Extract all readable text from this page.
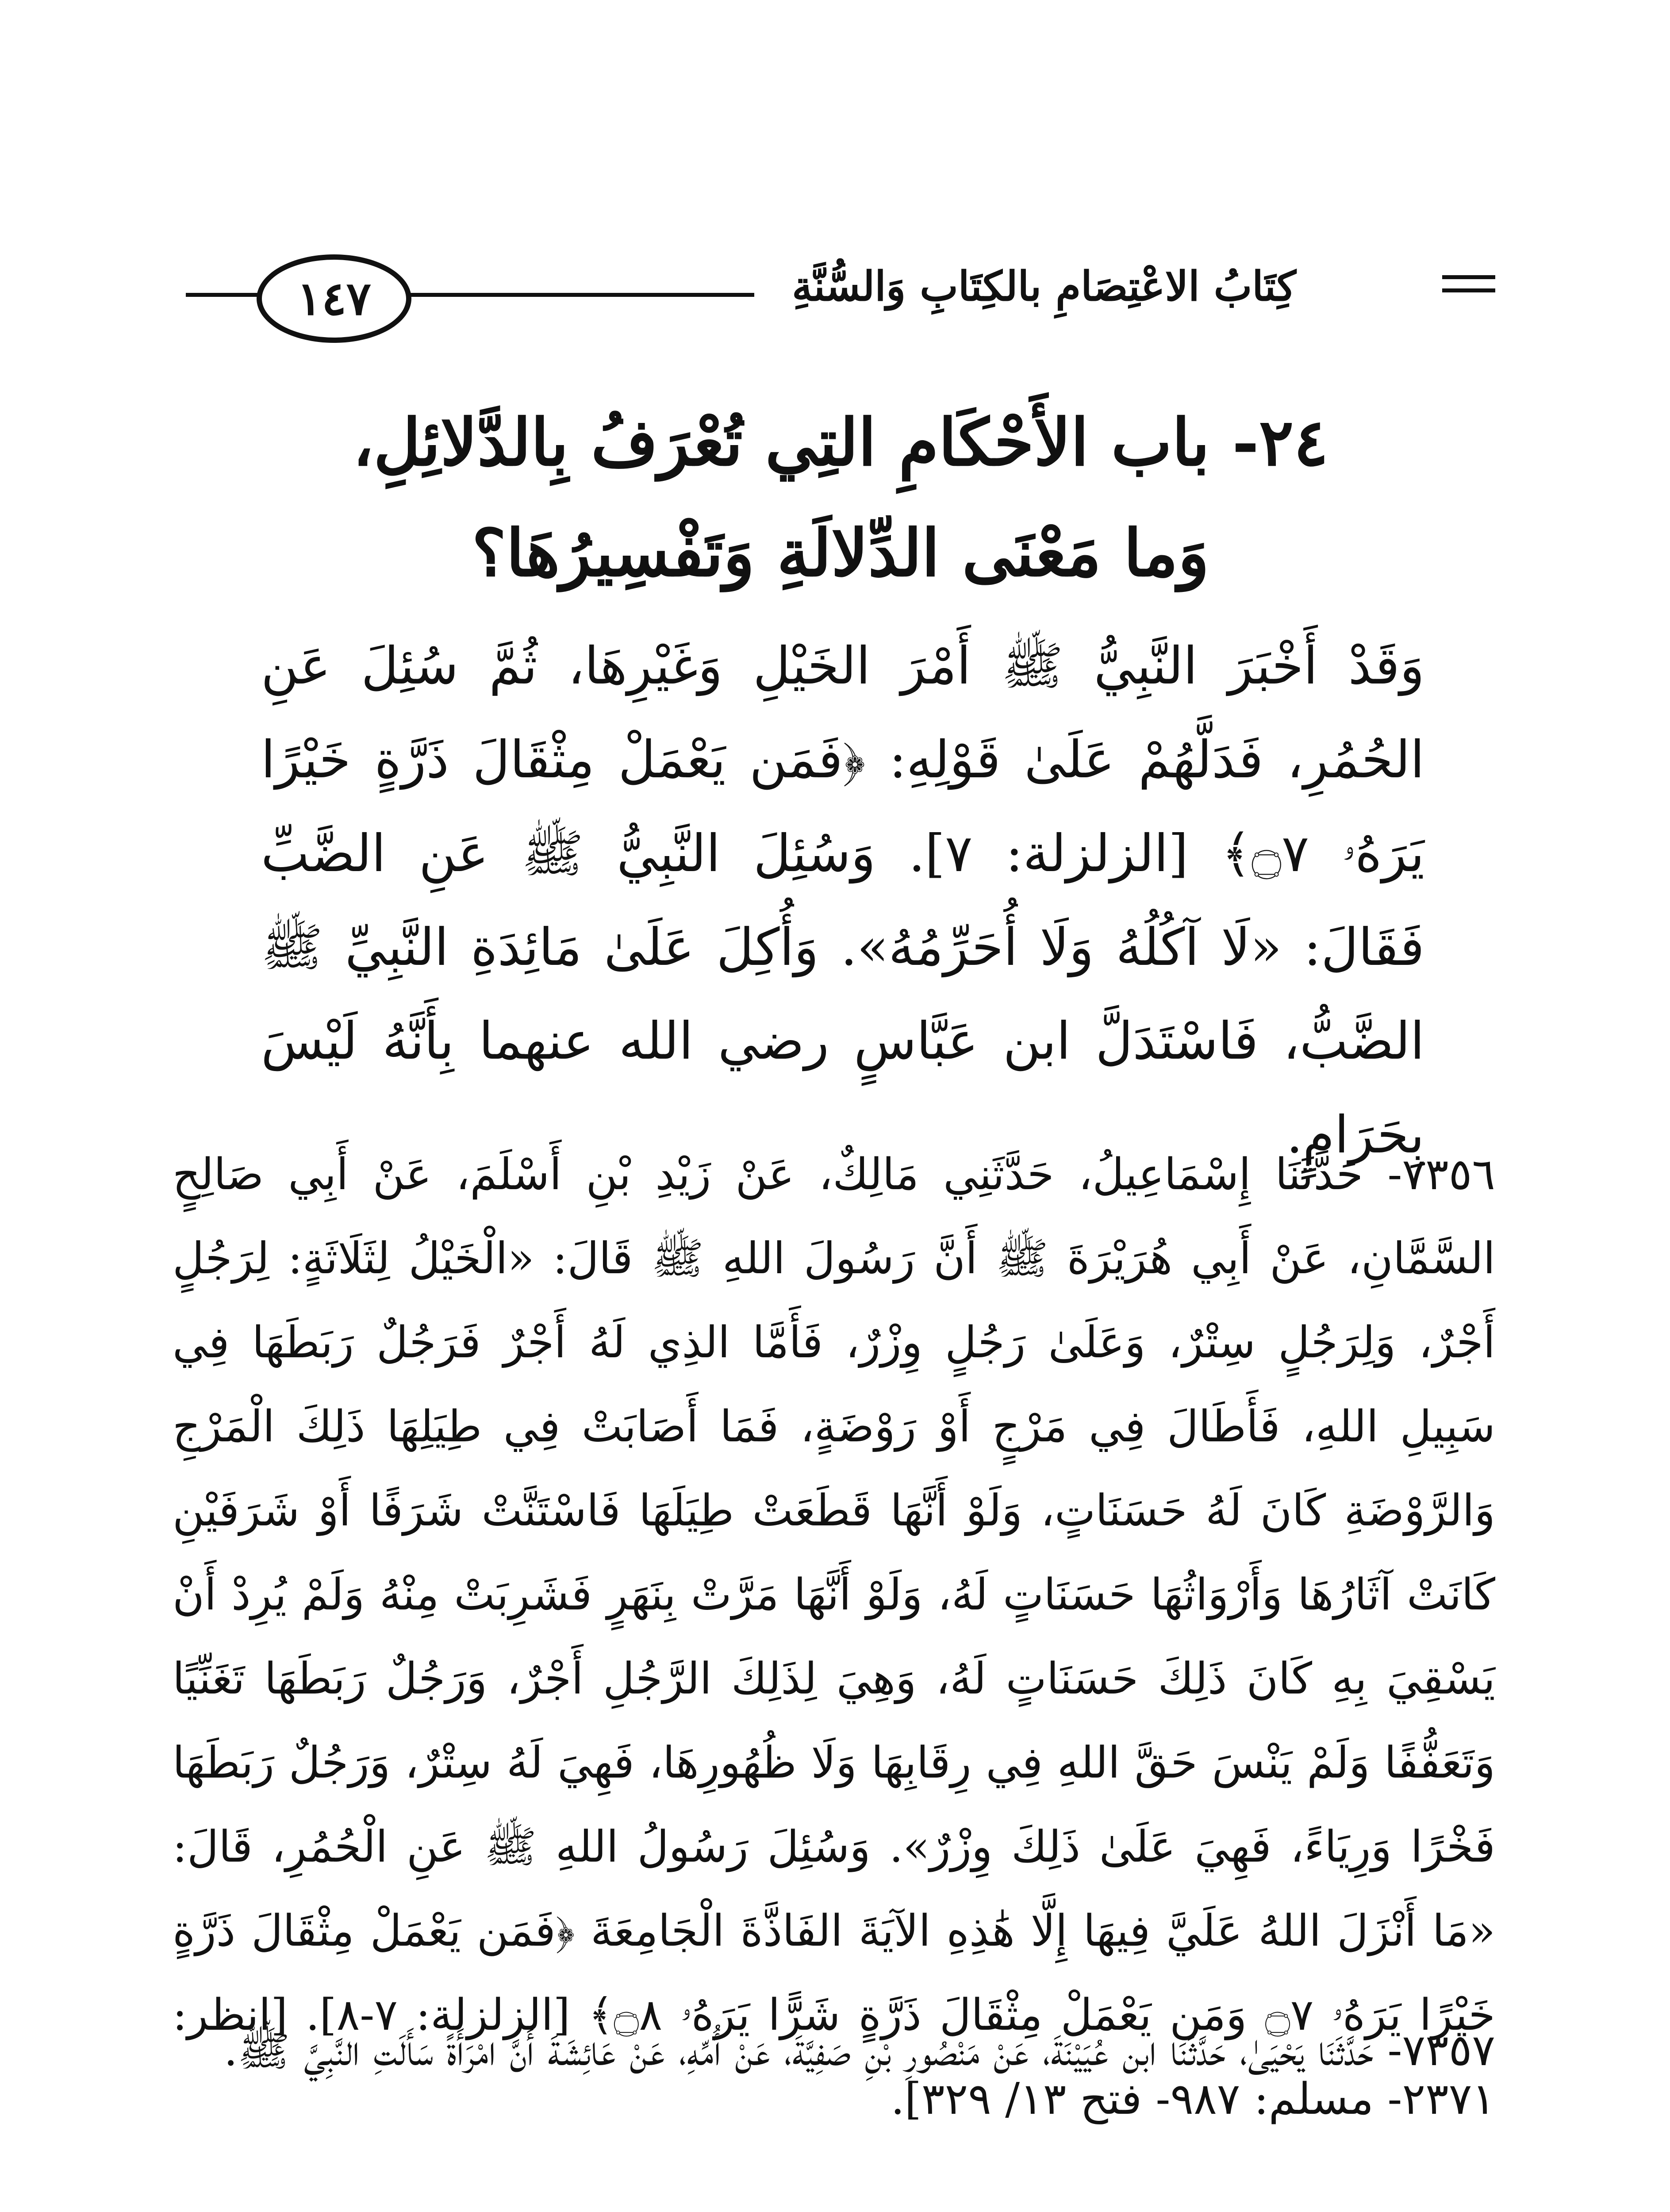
كِتَابُ الاعْتِصَامِ بالكِتَابِ وَالسُّنَّةِ
١٤٧
٢٤- باب الأَحْكَامِ التِي تُعْرَفُ بِالدَّلائِلِ،
وَما مَعْنَى الدِّلالَةِ وَتَفْسِيرُهَا؟

وَقَدْ أَخْبَرَ النَّبِيُّ ﷺ أَمْرَ الخَيْلِ وَغَيْرِهَا، ثُمَّ سُئِلَ عَنِ الحُمُرِ، فَدَلَّهُمْ عَلَىٰ قَوْلِهِ: ﴿فَمَن يَعْمَلْ مِثْقَالَ ذَرَّةٍ خَيْرًا يَرَهُۥ ۝٧﴾ [الزلزلة: ٧]. وَسُئِلَ النَّبِيُّ ﷺ عَنِ الضَّبِّ فَقَالَ: «لَا آكُلُهُ وَلَا أُحَرِّمُهُ». وَأُكِلَ عَلَىٰ مَائِدَةِ النَّبِيِّ ﷺ الضَّبُّ، فَاسْتَدَلَّ ابن عَبَّاسٍ رضي الله عنهما بِأَنَّهُ لَيْسَ بِحَرَامٍ.

٧٣٥٦- حَدَّثَنَا إِسْمَاعِيلُ، حَدَّثَنِي مَالِكٌ، عَنْ زَيْدِ بْنِ أَسْلَمَ، عَنْ أَبِي صَالِحٍ السَّمَّانِ، عَنْ أَبِي هُرَيْرَةَ ﷺ أَنَّ رَسُولَ اللهِ ﷺ قَالَ: «الْخَيْلُ لِثَلَاثَةٍ: لِرَجُلٍ أَجْرٌ، وَلِرَجُلٍ سِتْرٌ، وَعَلَىٰ رَجُلٍ وِزْرٌ، فَأَمَّا الذِي لَهُ أَجْرٌ فَرَجُلٌ رَبَطَهَا فِي سَبِيلِ اللهِ، فَأَطَالَ فِي مَرْجٍ أَوْ رَوْضَةٍ، فَمَا أَصَابَتْ فِي طِيَلِهَا ذَلِكَ الْمَرْجِ وَالرَّوْضَةِ كَانَ لَهُ حَسَنَاتٍ، وَلَوْ أَنَّهَا قَطَعَتْ طِيَلَهَا فَاسْتَنَّتْ شَرَفًا أَوْ شَرَفَيْنِ كَانَتْ آثَارُهَا وَأَرْوَاثُهَا حَسَنَاتٍ لَهُ، وَلَوْ أَنَّهَا مَرَّتْ بِنَهَرٍ فَشَرِبَتْ مِنْهُ وَلَمْ يُرِدْ أَنْ يَسْقِيَ بِهِ كَانَ ذَلِكَ حَسَنَاتٍ لَهُ، وَهِيَ لِذَلِكَ الرَّجُلِ أَجْرٌ، وَرَجُلٌ رَبَطَهَا تَغَنِّيًا وَتَعَفُّفًا وَلَمْ يَنْسَ حَقَّ اللهِ فِي رِقَابِهَا وَلَا ظُهُورِهَا، فَهِيَ لَهُ سِتْرٌ، وَرَجُلٌ رَبَطَهَا فَخْرًا وَرِيَاءً، فَهِيَ عَلَىٰ ذَلِكَ وِزْرٌ». وَسُئِلَ رَسُولُ اللهِ ﷺ عَنِ الْحُمُرِ، قَالَ: «مَا أَنْزَلَ اللهُ عَلَيَّ فِيهَا إِلَّا هَٰذِهِ الآيَةَ الفَاذَّةَ الْجَامِعَةَ ﴿فَمَن يَعْمَلْ مِثْقَالَ ذَرَّةٍ خَيْرًا يَرَهُۥ ۝٧ وَمَن يَعْمَلْ مِثْقَالَ ذَرَّةٍ شَرًّا يَرَهُۥ ۝٨﴾ [الزلزلة: ٧-٨]. [انظر: ٢٣٧١- مسلم: ٩٨٧- فتح ١٣/ ٣٢٩].

٧٣٥٧- حَدَّثَنَا يَحْيَىٰ، حَدَّثَنَا ابن عُيَيْنَةَ، عَنْ مَنْصُورِ بْنِ صَفِيَّةَ، عَنْ أُمِّهِ، عَنْ عَائِشَةَ أَنَّ امْرَأَةً سَأَلَتِ النَّبِيَّ ﷺ.
